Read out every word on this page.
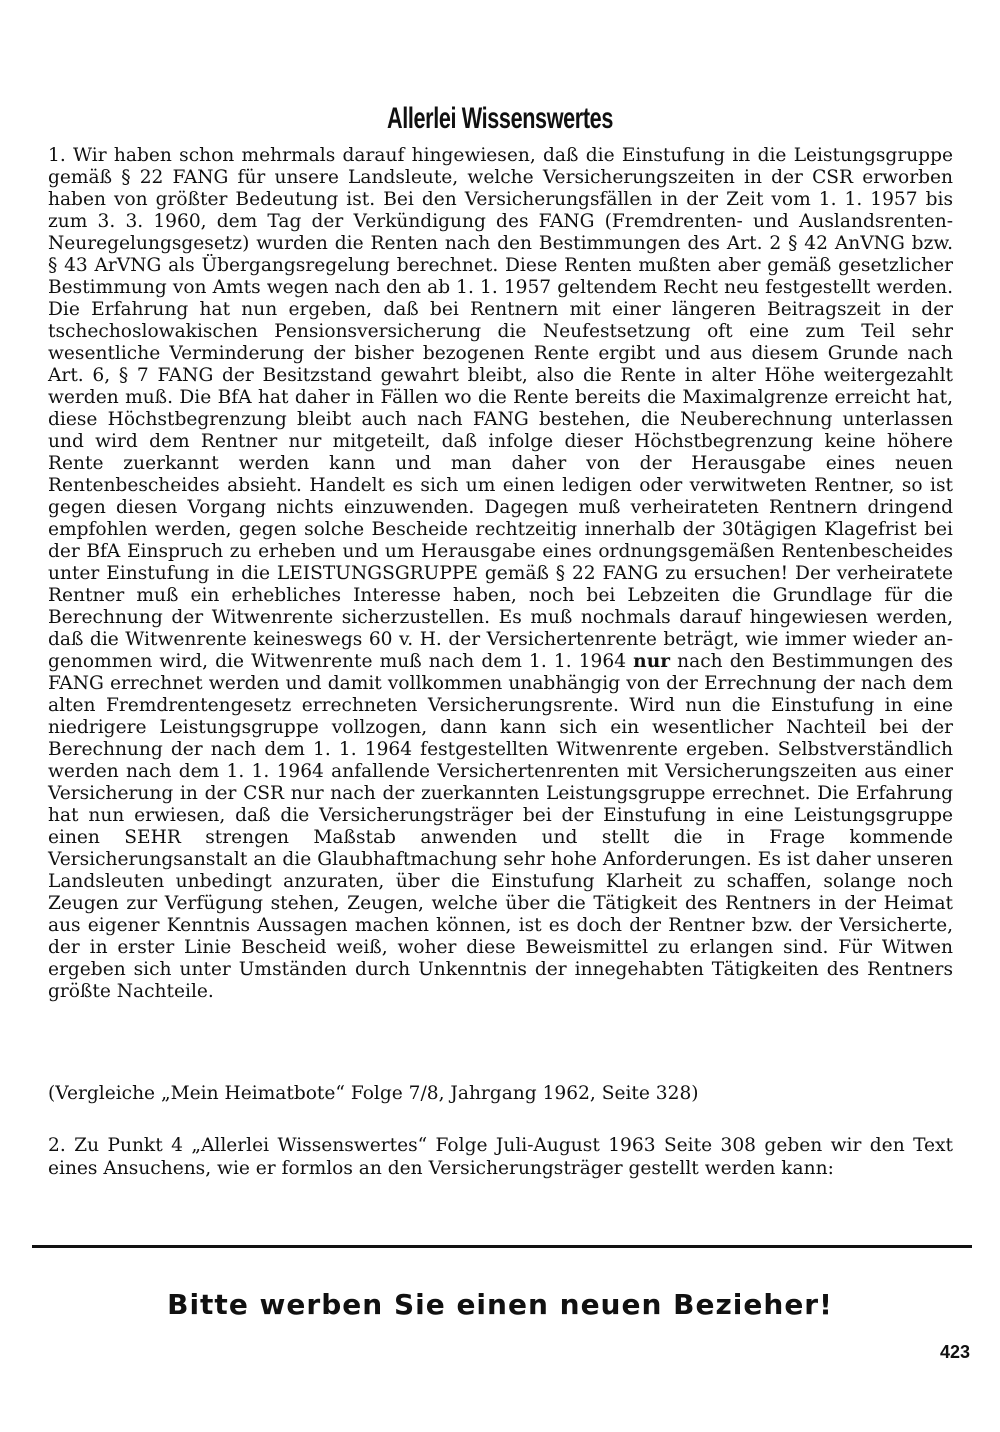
Allerlei Wissenswertes
1. Wir haben schon mehrmals darauf hingewiesen, daß die Einstufung in die Leistungsgruppe gemäß § 22 FANG für unsere Landsleute, welche Versicherungszeiten in der CSR erworben haben von größter Bedeutung ist. Bei den Versicherungsfällen in der Zeit vom 1. 1. 1957 bis zum 3. 3. 1960, dem Tag der Verkündigung des FANG (Fremdrenten- und Auslandsrenten-Neuregelungsgesetz) wurden die Renten nach den Bestimmungen des Art. 2 § 42 AnVNG bzw. § 43 ArVNG als Übergangsregelung berechnet. Diese Renten mußten aber gemäß gesetzlicher Bestimmung von Amts wegen nach den ab 1. 1. 1957 geltendem Recht neu festgestellt werden. Die Erfahrung hat nun ergeben, daß bei Rentnern mit einer längeren Beitragszeit in der tschechoslowakischen Pensionsversicherung die Neufestsetzung oft eine zum Teil sehr wesentliche Verminderung der bisher bezogenen Rente ergibt und aus diesem Grunde nach Art. 6, § 7 FANG der Besitzstand gewahrt bleibt, also die Rente in alter Höhe weitergezahlt werden muß. Die BfA hat daher in Fällen wo die Rente bereits die Maximalgrenze erreicht hat, diese Höchstbegrenzung bleibt auch nach FANG bestehen, die Neuberechnung unterlassen und wird dem Rentner nur mitgeteilt, daß infolge dieser Höchstbegrenzung keine höhere Rente zuerkannt werden kann und man daher von der Herausgabe eines neuen Rentenbescheides absieht. Handelt es sich um einen ledigen oder verwitweten Rentner, so ist gegen diesen Vorgang nichts einzuwenden. Dagegen muß verheirateten Rentnern dringend empfohlen werden, gegen solche Bescheide rechtzeitig innerhalb der 30tägigen Klagefrist bei der BfA Einspruch zu erheben und um Herausgabe eines ordnungsgemäßen Rentenbescheides unter Einstufung in die LEISTUNGSGRUPPE gemäß § 22 FANG zu ersuchen! Der verheiratete Rentner muß ein erhebliches Interesse haben, noch bei Lebzeiten die Grundlage für die Berechnung der Witwenrente sicherzustellen. Es muß nochmals darauf hingewiesen werden, daß die Witwenrente keineswegs 60 v. H. der Versichertenrente beträgt, wie immer wieder angenommen wird, die Witwenrente muß nach dem 1. 1. 1964 nur nach den Bestimmungen des FANG errechnet werden und damit vollkommen unabhängig von der Errechnung der nach dem alten Fremdrentengesetz errechneten Versicherungsrente. Wird nun die Einstufung in eine niedrigere Leistungsgruppe vollzogen, dann kann sich ein wesentlicher Nachteil bei der Berechnung der nach dem 1. 1. 1964 festgestellten Witwenrente ergeben. Selbstverständlich werden nach dem 1. 1. 1964 anfallende Versichertenrenten mit Versicherungszeiten aus einer Versicherung in der CSR nur nach der zuerkannten Leistungsgruppe errechnet. Die Erfahrung hat nun erwiesen, daß die Versicherungsträger bei der Einstufung in eine Leistungsgruppe einen SEHR strengen Maßstab anwenden und stellt die in Frage kommende Versicherungsanstalt an die Glaubhaftmachung sehr hohe Anforderungen. Es ist daher unseren Landsleuten unbedingt anzuraten, über die Einstufung Klarheit zu schaffen, solange noch Zeugen zur Verfügung stehen, Zeugen, welche über die Tätigkeit des Rentners in der Heimat aus eigener Kenntnis Aussagen machen können, ist es doch der Rentner bzw. der Versicherte, der in erster Linie Bescheid weiß, woher diese Beweismittel zu erlangen sind. Für Witwen ergeben sich unter Umständen durch Unkenntnis der innegehabten Tätigkeiten des Rentners größte Nachteile.
(Vergleiche „Mein Heimatbote“ Folge 7/8, Jahrgang 1962, Seite 328)
2. Zu Punkt 4 „Allerlei Wissenswertes“ Folge Juli-August 1963 Seite 308 geben wir den Text eines Ansuchens, wie er formlos an den Versicherungsträger gestellt werden kann:
Bitte werben Sie einen neuen Bezieher!
423
